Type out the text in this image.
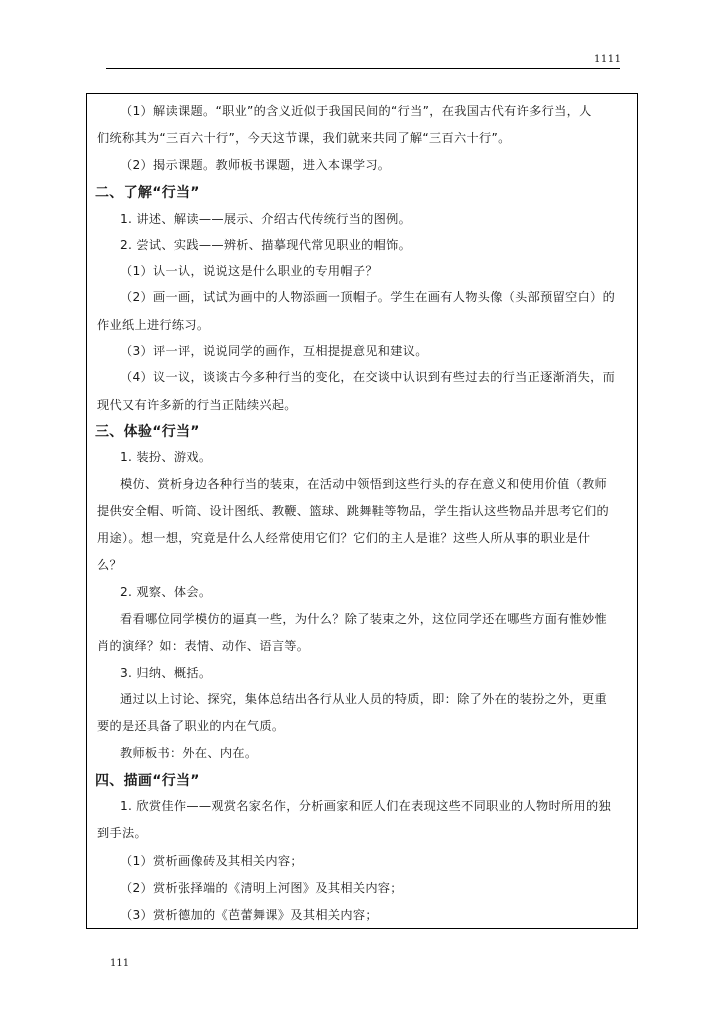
1111
（1）解读课题。“职业”的含义近似于我国民间的“行当”，在我国古代有许多行当，人
们统称其为“三百六十行”，今天这节课，我们就来共同了解“三百六十行”。
（2）揭示课题。教师板书课题，进入本课学习。
二、了解“行当”
1. 讲述、解读——展示、介绍古代传统行当的图例。
2. 尝试、实践——辨析、描摹现代常见职业的帽饰。
（1）认一认，说说这是什么职业的专用帽子？
（2）画一画，试试为画中的人物添画一顶帽子。学生在画有人物头像（头部预留空白）的
作业纸上进行练习。
（3）评一评，说说同学的画作，互相提提意见和建议。
（4）议一议，谈谈古今多种行当的变化，在交谈中认识到有些过去的行当正逐渐消失，而
现代又有许多新的行当正陆续兴起。
三、体验“行当”
1. 装扮、游戏。
模仿、赏析身边各种行当的装束，在活动中领悟到这些行头的存在意义和使用价值（教师
提供安全帽、听筒、设计图纸、教鞭、篮球、跳舞鞋等物品，学生指认这些物品并思考它们的
用途）。想一想，究竟是什么人经常使用它们？它们的主人是谁？这些人所从事的职业是什
么？
2. 观察、体会。
看看哪位同学模仿的逼真一些，为什么？除了装束之外，这位同学还在哪些方面有惟妙惟
肖的演绎？如：表情、动作、语言等。
3. 归纳、概括。
通过以上讨论、探究，集体总结出各行从业人员的特质，即：除了外在的装扮之外，更重
要的是还具备了职业的内在气质。
教师板书：外在、内在。
四、描画“行当”
1. 欣赏佳作——观赏名家名作，分析画家和匠人们在表现这些不同职业的人物时所用的独
到手法。
（1）赏析画像砖及其相关内容；
（2）赏析张择端的《清明上河图》及其相关内容；
（3）赏析德加的《芭蕾舞课》及其相关内容；
111
